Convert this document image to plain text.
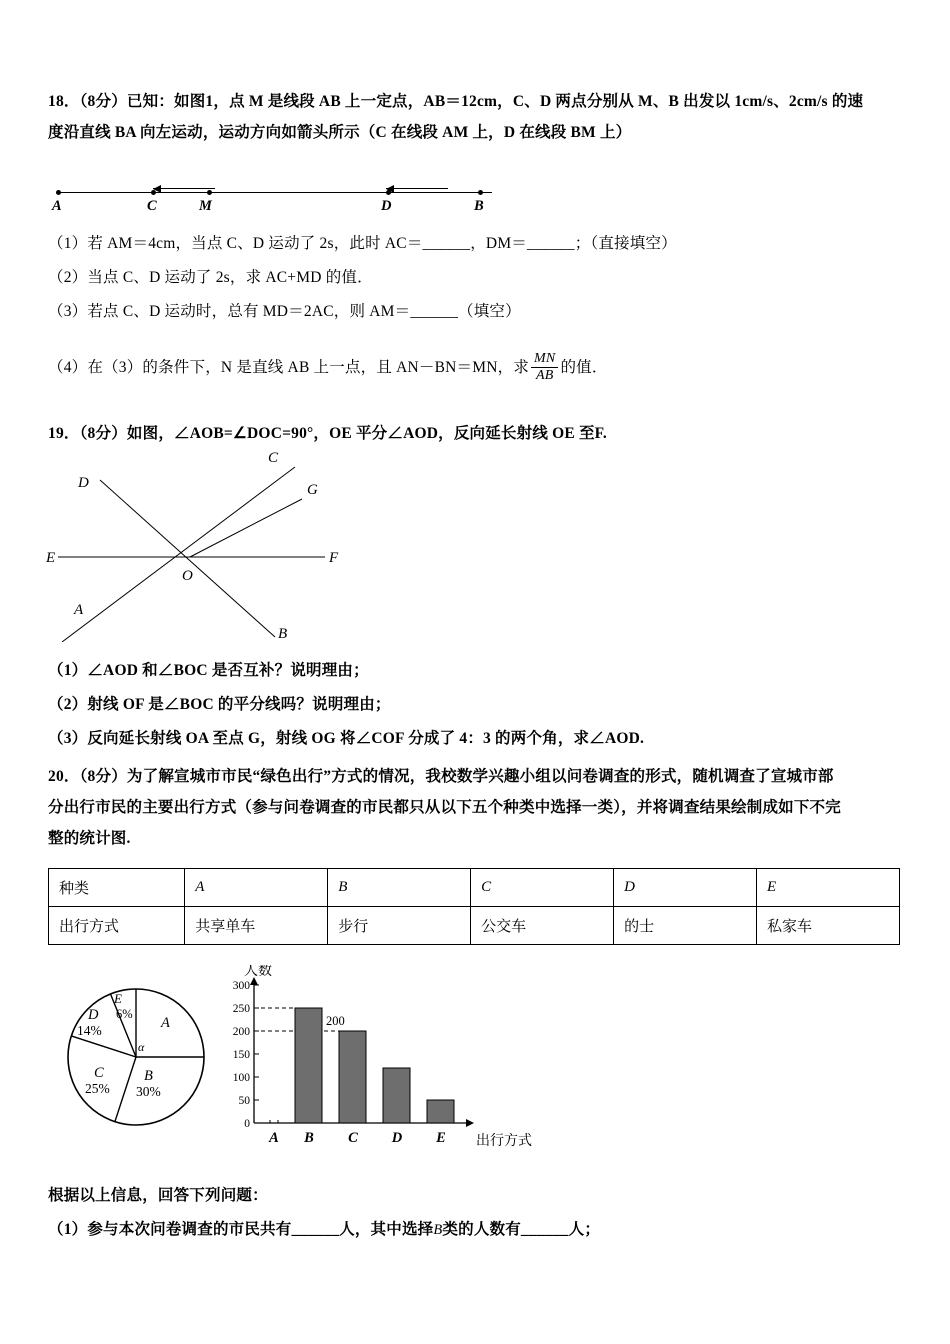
18．（8分）已知：如图1，点 M 是线段 AB 上一定点，AB＝12cm，C、D 两点分别从 M、B 出发以 1cm/s、2cm/s 的速
度沿直线 BA 向左运动，运动方向如箭头所示（C 在线段 AM 上，D 在线段 BM 上）
A	C	M	D	B
（1）若 AM＝4cm，当点 C、D 运动了 2s，此时 AC＝______，DM＝______；（直接填空）
（2）当点 C、D 运动了 2s，求 AC+MD 的值．
（3）若点 C、D 运动时，总有 MD＝2AC，则 AM＝______（填空）
（4）在（3）的条件下，N 是直线 AB 上一点，且 AN－BN＝MN，求 $\frac{MN}{AB}$ 的值．
19．（8分）如图，∠AOB=∠DOC=90°，OE 平分∠AOD，反向延长射线 OE 至F.
C
D	G
E	F
O
A
B
（1）∠AOD 和∠BOC 是否互补？说明理由；
（2）射线 OF 是∠BOC 的平分线吗？说明理由；
（3）反向延长射线 OA 至点 G，射线 OG 将∠COF 分成了 4：3 的两个角，求∠AOD.
20．（8分）为了解宣城市市民“绿色出行”方式的情况，我校数学兴趣小组以问卷调查的形式，随机调查了宣城市部
分出行市民的主要出行方式（参与问卷调查的市民都只从以下五个种类中选择一类），并将调查结果绘制成如下不完
整的统计图.
种类	A	B	C	D	E
出行方式	共享单车	步行	公交车	的士	私家车
A
B
30%
C
25%
D
14%
E
6%
α
人数
出行方式
0
50
100
150
200
250
300
200
A B C D E
根据以上信息，回答下列问题：
（1）参与本次问卷调查的市民共有______人，其中选择B类的人数有______人；
